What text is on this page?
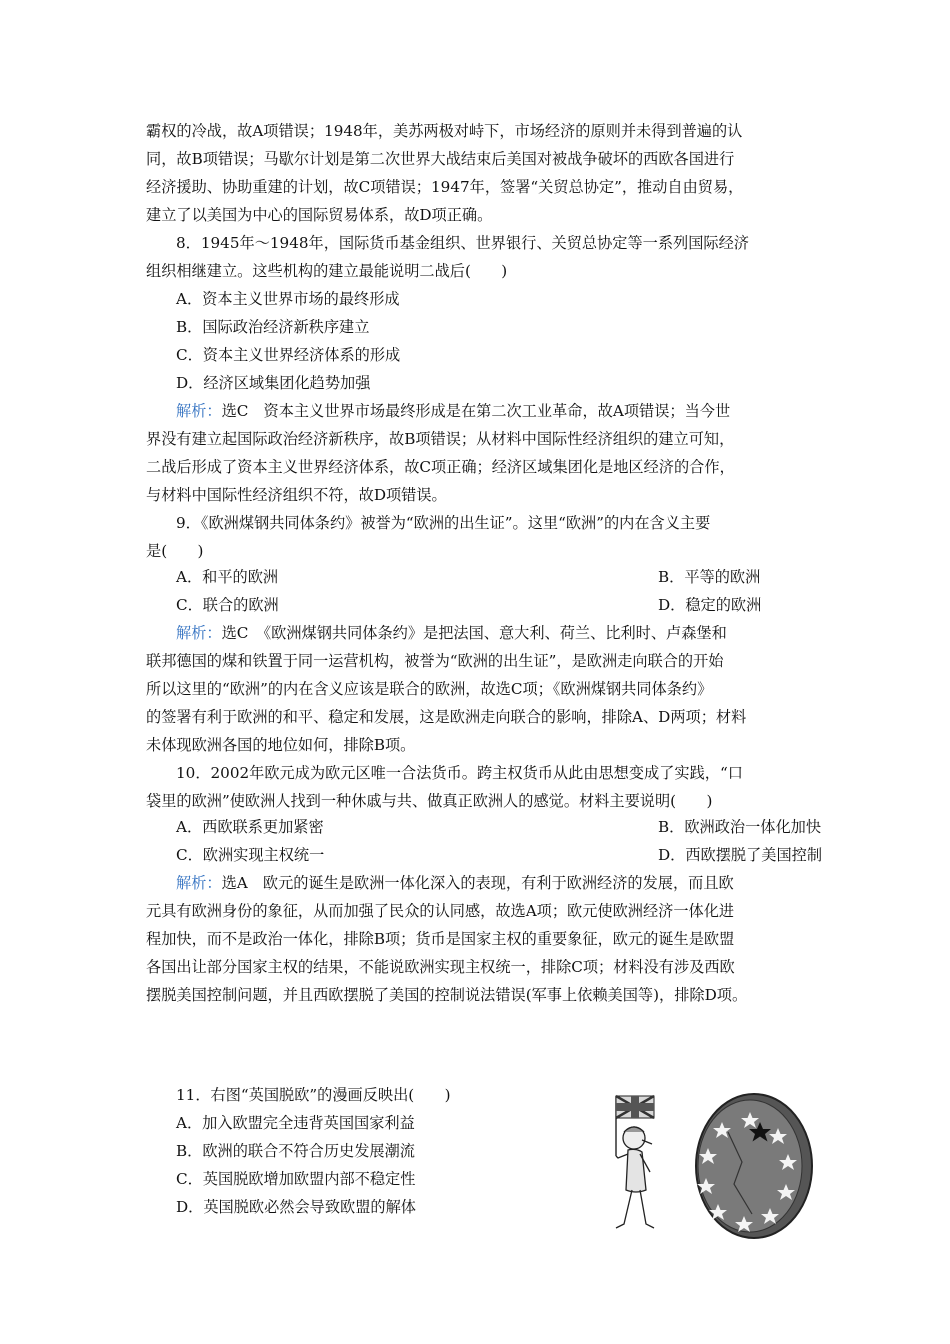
霸权的冷战，故A项错误；1948年，美苏两极对峙下，市场经济的原则并未得到普遍的认
同，故B项错误；马歇尔计划是第二次世界大战结束后美国对被战争破坏的西欧各国进行
经济援助、协助重建的计划，故C项错误；1947年，签署“关贸总协定”，推动自由贸易，
建立了以美国为中心的国际贸易体系，故D项正确。
8．1945年～1948年，国际货币基金组织、世界银行、关贸总协定等一系列国际经济
组织相继建立。这些机构的建立最能说明二战后(　　)
A．资本主义世界市场的最终形成
B．国际政治经济新秩序建立
C．资本主义世界经济体系的形成
D．经济区域集团化趋势加强
解析：选C　资本主义世界市场最终形成是在第二次工业革命，故A项错误；当今世
界没有建立起国际政治经济新秩序，故B项错误；从材料中国际性经济组织的建立可知，
二战后形成了资本主义世界经济体系，故C项正确；经济区域集团化是地区经济的合作，
与材料中国际性经济组织不符，故D项错误。
9．《欧洲煤钢共同体条约》被誉为“欧洲的出生证”。这里“欧洲”的内在含义主要
是(　　)
A．和平的欧洲	B．平等的欧洲
C．联合的欧洲	D．稳定的欧洲
解析：选C　《欧洲煤钢共同体条约》是把法国、意大利、荷兰、比利时、卢森堡和
联邦德国的煤和铁置于同一运营机构，被誉为“欧洲的出生证”，是欧洲走向联合的开始
所以这里的“欧洲”的内在含义应该是联合的欧洲，故选C项；《欧洲煤钢共同体条约》
的签署有利于欧洲的和平、稳定和发展，这是欧洲走向联合的影响，排除A、D两项；材料
未体现欧洲各国的地位如何，排除B项。
10．2002年欧元成为欧元区唯一合法货币。跨主权货币从此由思想变成了实践，“口
袋里的欧洲”使欧洲人找到一种休戚与共、做真正欧洲人的感觉。材料主要说明(　　)
A．西欧联系更加紧密	B．欧洲政治一体化加快
C．欧洲实现主权统一	D．西欧摆脱了美国控制
解析：选A　欧元的诞生是欧洲一体化深入的表现，有利于欧洲经济的发展，而且欧
元具有欧洲身份的象征，从而加强了民众的认同感，故选A项；欧元使欧洲经济一体化进
程加快，而不是政治一体化，排除B项；货币是国家主权的重要象征，欧元的诞生是欧盟
各国出让部分国家主权的结果，不能说欧洲实现主权统一，排除C项；材料没有涉及西欧
摆脱美国控制问题，并且西欧摆脱了美国的控制说法错误(军事上依赖美国等)，排除D项。
11．右图“英国脱欧”的漫画反映出(　　)
A．加入欧盟完全违背英国国家利益
B．欧洲的联合不符合历史发展潮流
C．英国脱欧增加欧盟内部不稳定性
D．英国脱欧必然会导致欧盟的解体
